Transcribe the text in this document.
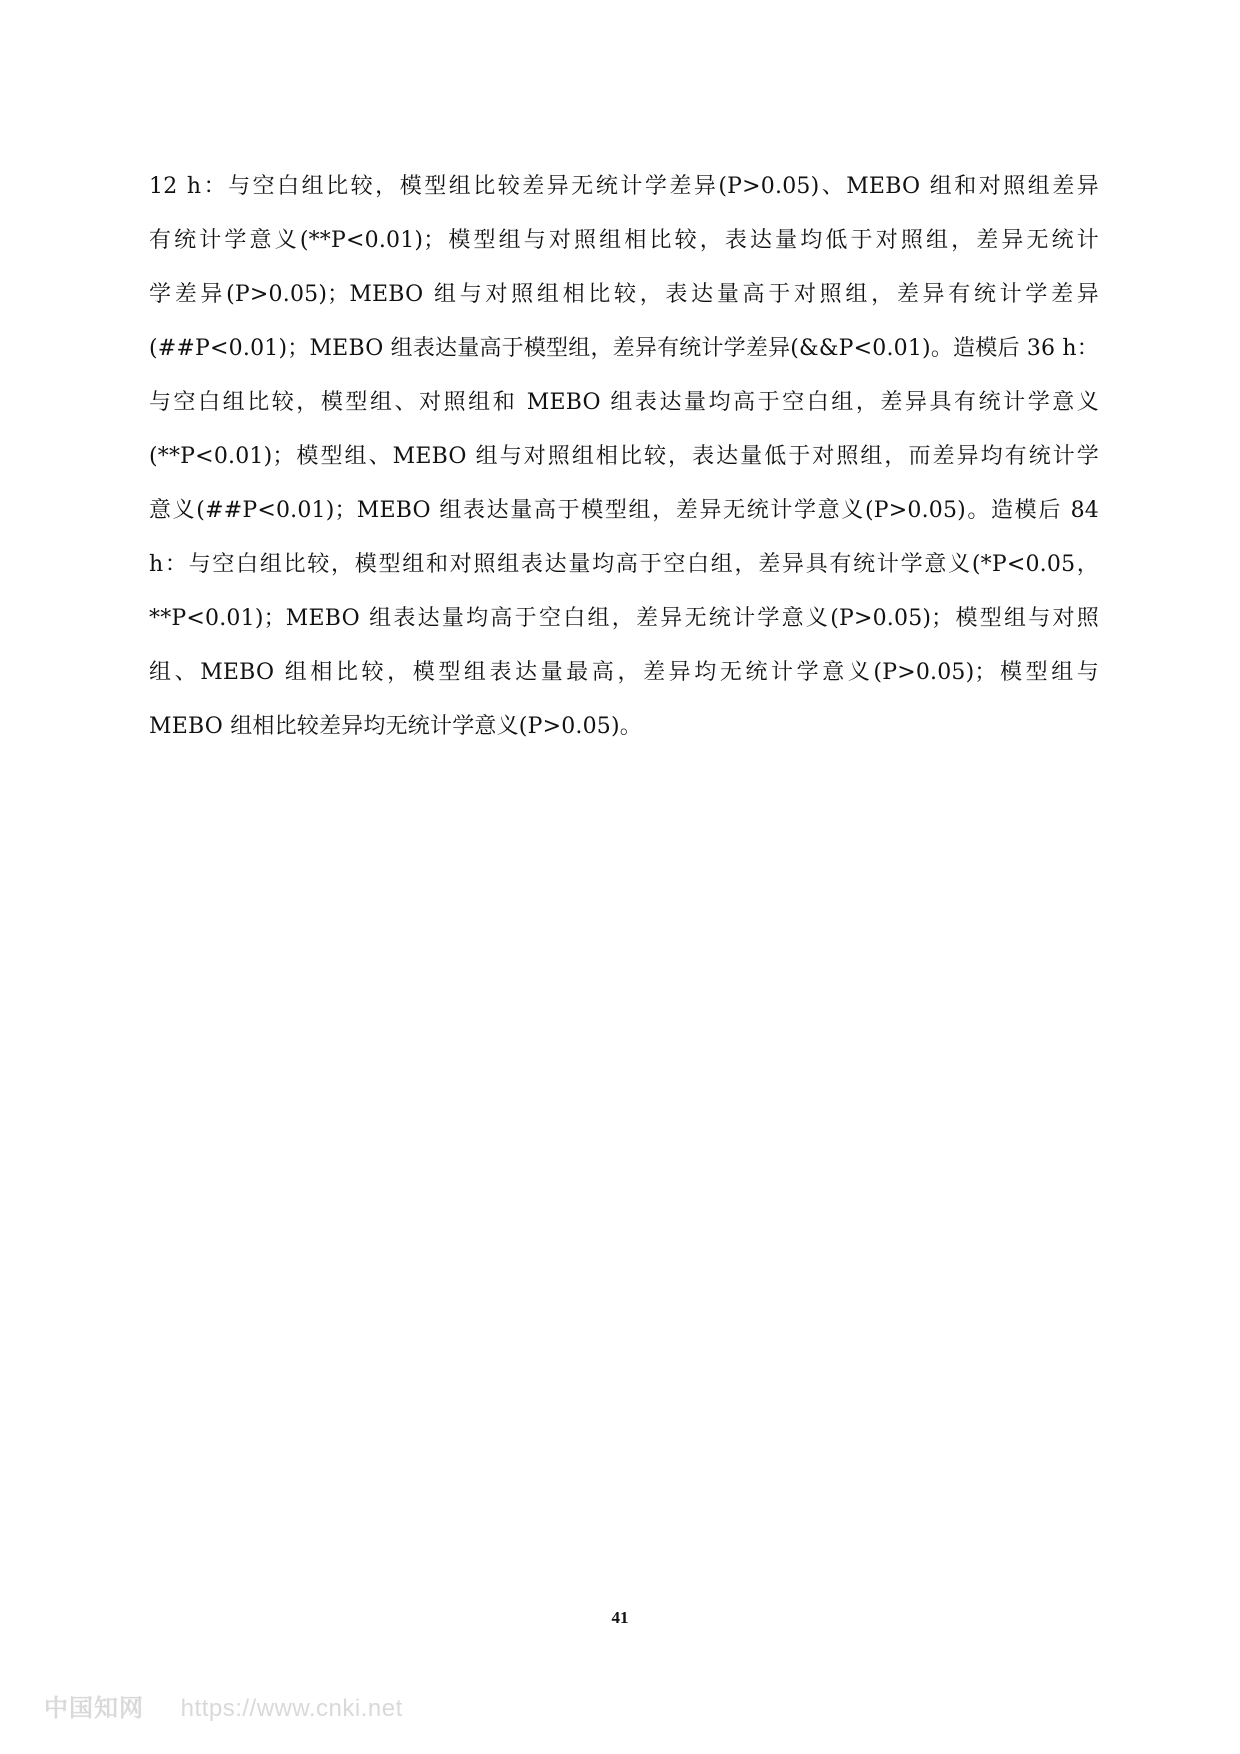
12 h：与空白组比较，模型组比较差异无统计学差异(P>0.05)、MEBO 组和对照组差异
有统计学意义(**P<0.01)；模型组与对照组相比较，表达量均低于对照组，差异无统计
学差异(P>0.05)；MEBO 组与对照组相比较，表达量高于对照组，差异有统计学差异
(##P<0.01)；MEBO 组表达量高于模型组，差异有统计学差异(&&P<0.01)。造模后 36 h：
与空白组比较，模型组、对照组和 MEBO 组表达量均高于空白组，差异具有统计学意义
(**P<0.01)；模型组、MEBO 组与对照组相比较，表达量低于对照组，而差异均有统计学
意义(##P<0.01)；MEBO 组表达量高于模型组，差异无统计学意义(P>0.05)。造模后 84
h：与空白组比较，模型组和对照组表达量均高于空白组，差异具有统计学意义(*P<0.05，
**P<0.01)；MEBO 组表达量均高于空白组，差异无统计学意义(P>0.05)；模型组与对照
组、MEBO 组相比较，模型组表达量最高，差异均无统计学意义(P>0.05)；模型组与
MEBO 组相比较差异均无统计学意义(P>0.05)。
41
中国知网 https://www.cnki.net
